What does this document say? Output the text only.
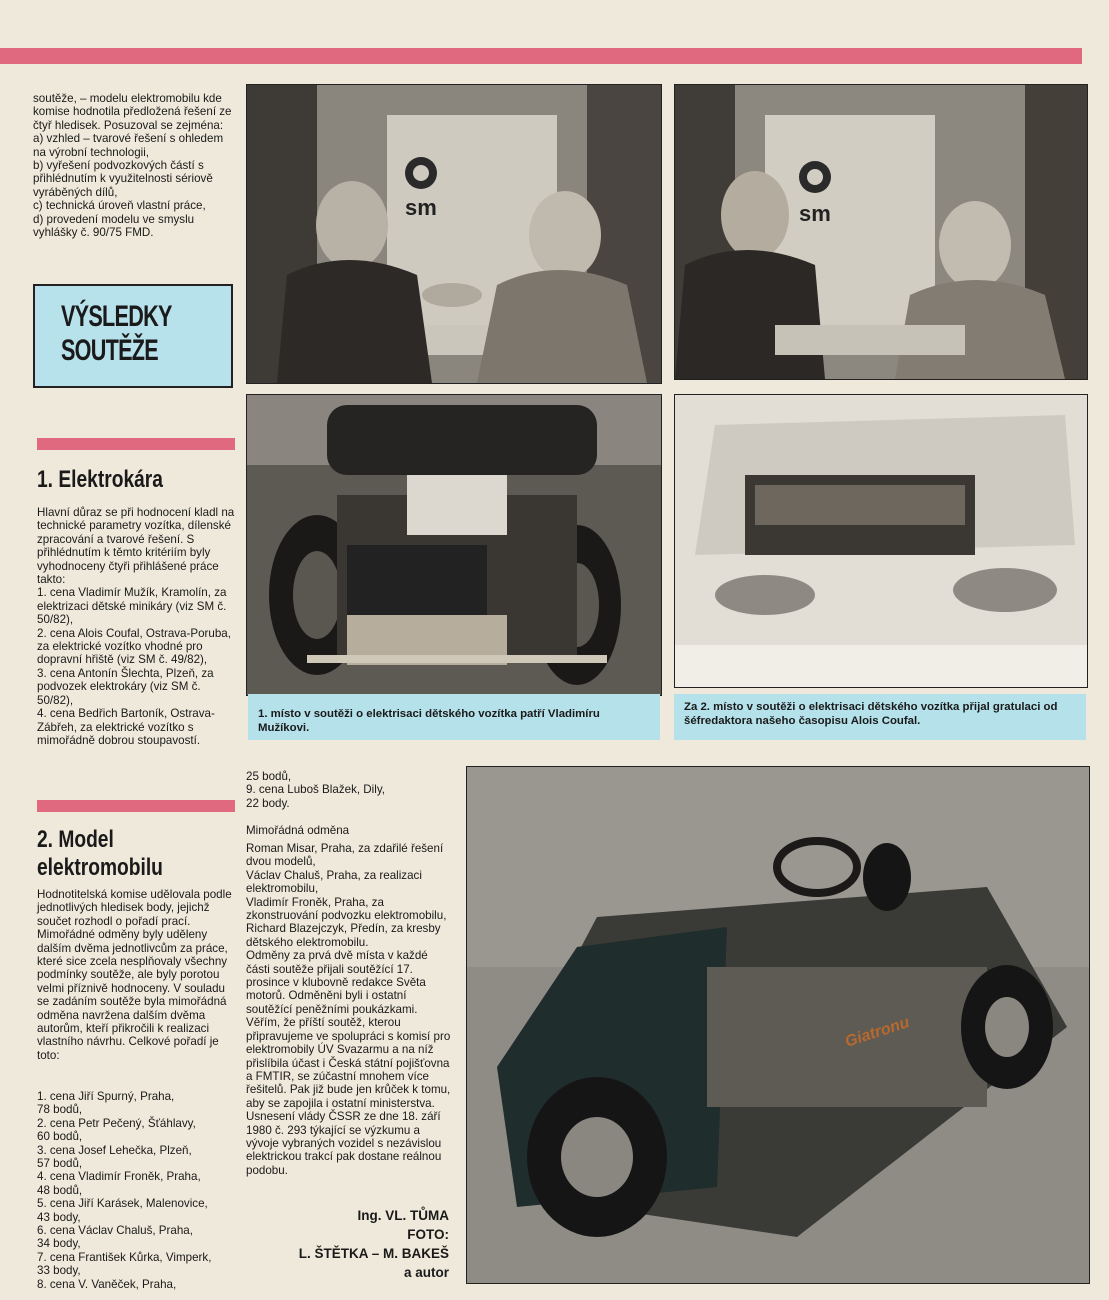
soutěže, – modelu elektromobilu kde komise hodnotila předložená řešení ze čtyř hledisek. Posuzoval se zejména:
a) vzhled – tvarové řešení s ohledem na výrobní technologii,
b) vyřešení podvozkových částí s přihlédnutím k využitelnosti sériově vyráběných dílů,
c) technická úroveň vlastní práce,
d) provedení modelu ve smyslu vyhlášky č. 90/75 FMD.
VÝSLEDKY
SOUTĚŽE
1. Elektrokára
Hlavní důraz se při hodnocení kladl na technické parametry vozítka, dílenské zpracování a tvarové řešení. S přihlédnutím k těmto kritériím byly vyhodnoceny čtyři přihlášené práce takto:
1. cena Vladimír Mužík, Kramolín, za elektrizaci dětské minikáry (viz SM č. 50/82),
2. cena Alois Coufal, Ostrava-Poruba, za elektrické vozítko vhodné pro dopravní hřiště (viz SM č. 49/82),
3. cena Antonín Šlechta, Plzeň, za podvozek elektrokáry (viz SM č. 50/82),
4. cena Bedřich Bartoník, Ostrava-Zábřeh, za elektrické vozítko s mimořádně dobrou stoupavostí.
2. Model
elektromobilu
Hodnotitelská komise udělovala podle jednotlivých hledisek body, jejichž součet rozhodl o pořadí prací. Mimořádné odměny byly uděleny dalším dvěma jednotlivcům za práce, které sice zcela nesplňovaly všechny podmínky soutěže, ale byly porotou velmi příznivě hodnoceny. V souladu se zadáním soutěže byla mimořádná odměna navržena dalším dvěma autorům, kteří přikročili k realizaci vlastního návrhu. Celkové pořadí je toto:
1. cena Jiří Spurný, Praha,
78 bodů,
2. cena Petr Pečený, Šťáhlavy,
60 bodů,
3. cena Josef Lehečka, Plzeň,
57 bodů,
4. cena Vladimír Froněk, Praha,
48 bodů,
5. cena Jiří Karásek, Malenovice,
43 body,
6. cena Václav Chaluš, Praha,
34 body,
7. cena František Kůrka, Vimperk,
33 body,
8. cena V. Vaněček, Praha,
25 bodů,
9. cena Luboš Blažek, Dily,
22 body.
Mimořádná odměna
Roman Misar, Praha, za zdařilé řešení dvou modelů,
Václav Chaluš, Praha, za realizaci elektromobilu,
Vladimír Froněk, Praha, za zkonstruování podvozku elektromobilu,
Richard Blazejczyk, Předín, za kresby dětského elektromobilu.
Odměny za prvá dvě místa v každé části soutěže přijali soutěžící 17. prosince v klubovně redakce Světa motorů. Odměněni byli i ostatní soutěžící peněžními poukázkami. Věřím, že příští soutěž, kterou připravujeme ve spolupráci s komisí pro elektromobily ÚV Svazarmu a na níž přislíbila účast i Česká státní pojišťovna a FMTIR, se zúčastní mnohem více řešitelů. Pak již bude jen krůček k tomu, aby se zapojila i ostatní ministerstva. Usnesení vlády ČSSR ze dne 18. září 1980 č. 293 týkající se výzkumu a vývoje vybraných vozidel s nezávislou elektrickou trakcí pak dostane reálnou podobu.
Ing. VL. TŮMA
FOTO:
L. ŠTĚTKA – M. BAKEŠ
a autor
sm	sm
1. místo v soutěži o elektrisaci dětského vozítka patří Vladimíru Mužíkovi.
Za 2. místo v soutěži o elektrisaci dětského vozítka přijal gratulaci od šéfredaktora našeho časopisu Alois Coufal.
Giatronu
